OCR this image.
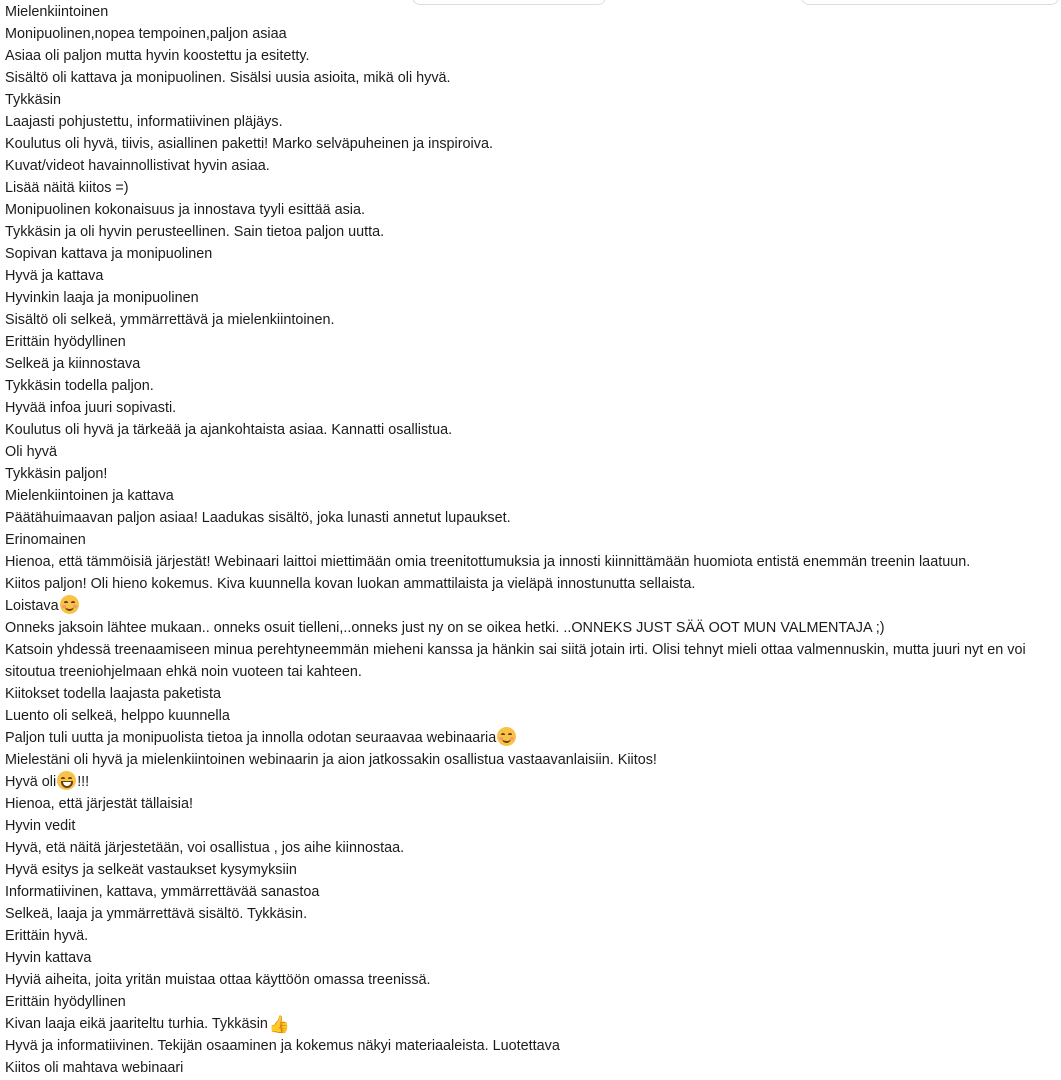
Mielenkiintoinen
Monipuolinen,nopea tempoinen,paljon asiaa
Asiaa oli paljon mutta hyvin koostettu ja esitetty.
Sisältö oli kattava ja monipuolinen. Sisälsi uusia asioita, mikä oli hyvä.
Tykkäsin
Laajasti pohjustettu, informatiivinen pläjäys.
Koulutus oli hyvä, tiivis, asiallinen paketti! Marko selväpuheinen ja inspiroiva.
Kuvat/videot havainnollistivat hyvin asiaa.
Lisää näitä kiitos =)
Monipuolinen kokonaisuus ja innostava tyyli esittää asia.
Tykkäsin ja oli hyvin perusteellinen. Sain tietoa paljon uutta.
Sopivan kattava ja monipuolinen
Hyvä ja kattava
Hyvinkin laaja ja monipuolinen
Sisältö oli selkeä, ymmärrettävä ja mielenkiintoinen.
Erittäin hyödyllinen
Selkeä ja kiinnostava
Tykkäsin todella paljon.
Hyvää infoa juuri sopivasti.
Koulutus oli hyvä ja tärkeää ja ajankohtaista asiaa. Kannatti osallistua.
Oli hyvä
Tykkäsin paljon!
Mielenkiintoinen ja kattava
Päätähuimaavan paljon asiaa! Laadukas sisältö, joka lunasti annetut lupaukset.
Erinomainen
Hienoa, että tämmöisiä järjestät! Webinaari laittoi miettimään omia treenitottumuksia ja innosti kiinnittämään huomiota entistä enemmän treenin laatuun.
Kiitos paljon! Oli hieno kokemus. Kiva kuunnella kovan luokan ammattilaista ja vieläpä innostunutta sellaista.
Loistava
Onneks jaksoin lähtee mukaan.. onneks osuit tielleni,..onneks just ny on se oikea hetki. ..ONNEKS JUST SÄÄ OOT MUN VALMENTAJA ;)
Katsoin yhdessä treenaamiseen minua perehtyneemmän mieheni kanssa ja hänkin sai siitä jotain irti. Olisi tehnyt mieli ottaa valmennuskin, mutta juuri nyt en voi sitoutua treeniohjelmaan ehkä noin vuoteen tai kahteen.
Kiitokset todella laajasta paketista
Luento oli selkeä, helppo kuunnella
Paljon tuli uutta ja monipuolista tietoa ja innolla odotan seuraavaa webinaaria
Mielestäni oli hyvä ja mielenkiintoinen webinaarin ja aion jatkossakin osallistua vastaavanlaisiin. Kiitos!
Hyvä oli !!!
Hienoa, että järjestät tällaisia!
Hyvin vedit
Hyvä, etä näitä järjestetään, voi osallistua , jos aihe kiinnostaa.
Hyvä esitys ja selkeät vastaukset kysymyksiin
Informatiivinen, kattava, ymmärrettävää sanastoa
Selkeä, laaja ja ymmärrettävä sisältö. Tykkäsin.
Erittäin hyvä.
Hyvin kattava
Hyviä aiheita, joita yritän muistaa ottaa käyttöön omassa treenissä.
Erittäin hyödyllinen
Kivan laaja eikä jaariteltu turhia. Tykkäsin👍
Hyvä ja informatiivinen. Tekijän osaaminen ja kokemus näkyi materiaaleista. Luotettava
Kiitos oli mahtava webinaari
